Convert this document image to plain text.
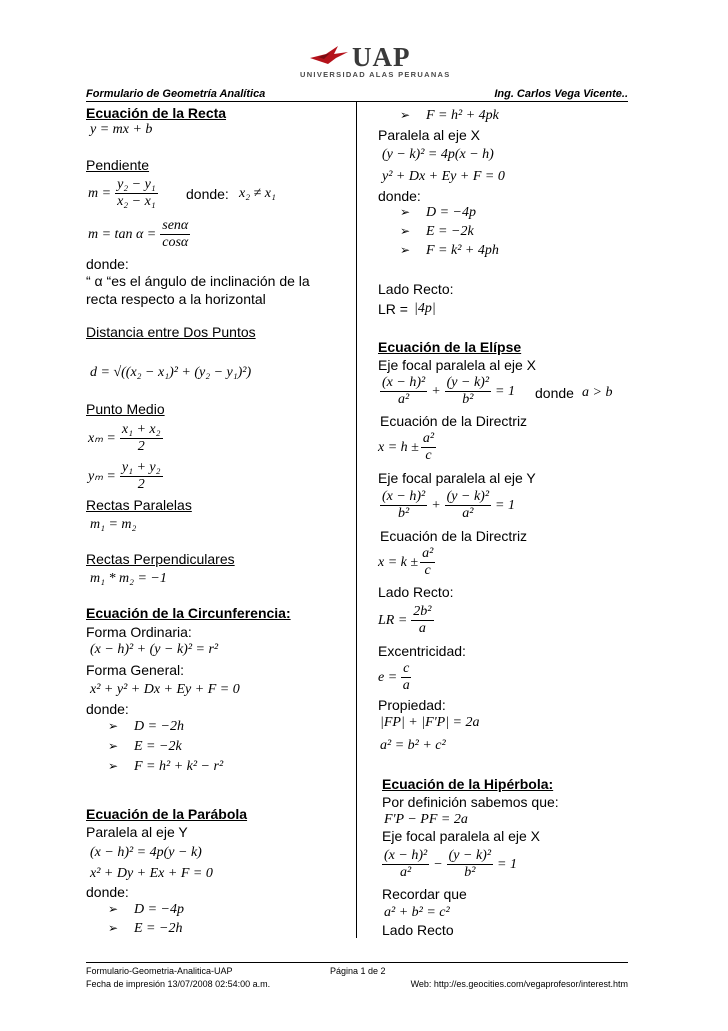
UAP
UNIVERSIDAD ALAS PERUANAS
Formulario de Geometría Analítica	Ing. Carlos Vega Vicente..
Ecuación de la Recta
y = mx + b
Pendiente
$m = \frac{\text{y₂ − y₁}}{\text{x₂ − x₁}}$ donde: x₂ ≠ x₁
$m = \tan \alpha = \frac{\text{senα}}{\cos\alpha}$
donde:
“ α “es el ángulo de inclinación de la
recta respecto a la horizontal
Distancia entre Dos Puntos
d = √((x₂ − x₁)² + (y₂ − y₁)²)
Punto Medio
$x_m = \frac{\text{x₁ + x₂}}{2}$
$y_m = \frac{\text{y₁ + y₂}}{2}$
Rectas Paralelas
m₁ = m₂
Rectas Perpendiculares
m₁ * m₂ = −1
Ecuación de la Circunferencia:
Forma Ordinaria:
(x − h)² + (y − k)² = r²
Forma General:
x² + y² + Dx + Ey + F = 0
donde:
➢ D = −2h
➢ E = −2k
➢ F = h² + k² − r²
Ecuación de la Parábola
Paralela al eje Y
(x − h)² = 4p(y − k)
x² + Dy + Ex + F = 0
donde:
➢ D = −4p
➢ E = −2h
➢ F = h² + 4pk
Paralela al eje X
(y − k)² = 4p(x − h)
y² + Dx + Ey + F = 0
donde:
➢ D = −4p
➢ E = −2k
➢ F = k² + 4ph
Lado Recto:
LR = |4p|
Ecuación de la Elípse
Eje focal paralela al eje X
$\frac{\text{(x − h)²}}{\text{a²}} + \frac{\text{(y − k)²}}{\text{b²}} = 1$ donde a > b
Ecuación de la Directriz
$x = h \pm \frac{\text{a²}}{c}$
Eje focal paralela al eje Y
$\frac{\text{(x − h)²}}{\text{b²}} + \frac{\text{(y − k)²}}{\text{a²}} = 1$
Ecuación de la Directriz
$x = k \pm \frac{\text{a²}}{c}$
Lado Recto:
LR = $\frac{\text{2b²}}{a}$
Excentricidad:
$e = \frac{c}{a}$
Propiedad:
|FP| + |F'P| = 2a
a² = b² + c²
Ecuación de la Hipérbola:
Por definición sabemos que:
F'P − PF = 2a
Eje focal paralela al eje X
$\frac{\text{(x − h)²}}{\text{a²}} - \frac{\text{(y − k)²}}{\text{b²}} = 1$
Recordar que
a² + b² = c²
Lado Recto
Formulario-Geometria-Analitica-UAP	Página 1 de 2
Fecha de impresión 13/07/2008 02:54:00 a.m.	Web: http://es.geocities.com/vegaprofesor/interest.htm
